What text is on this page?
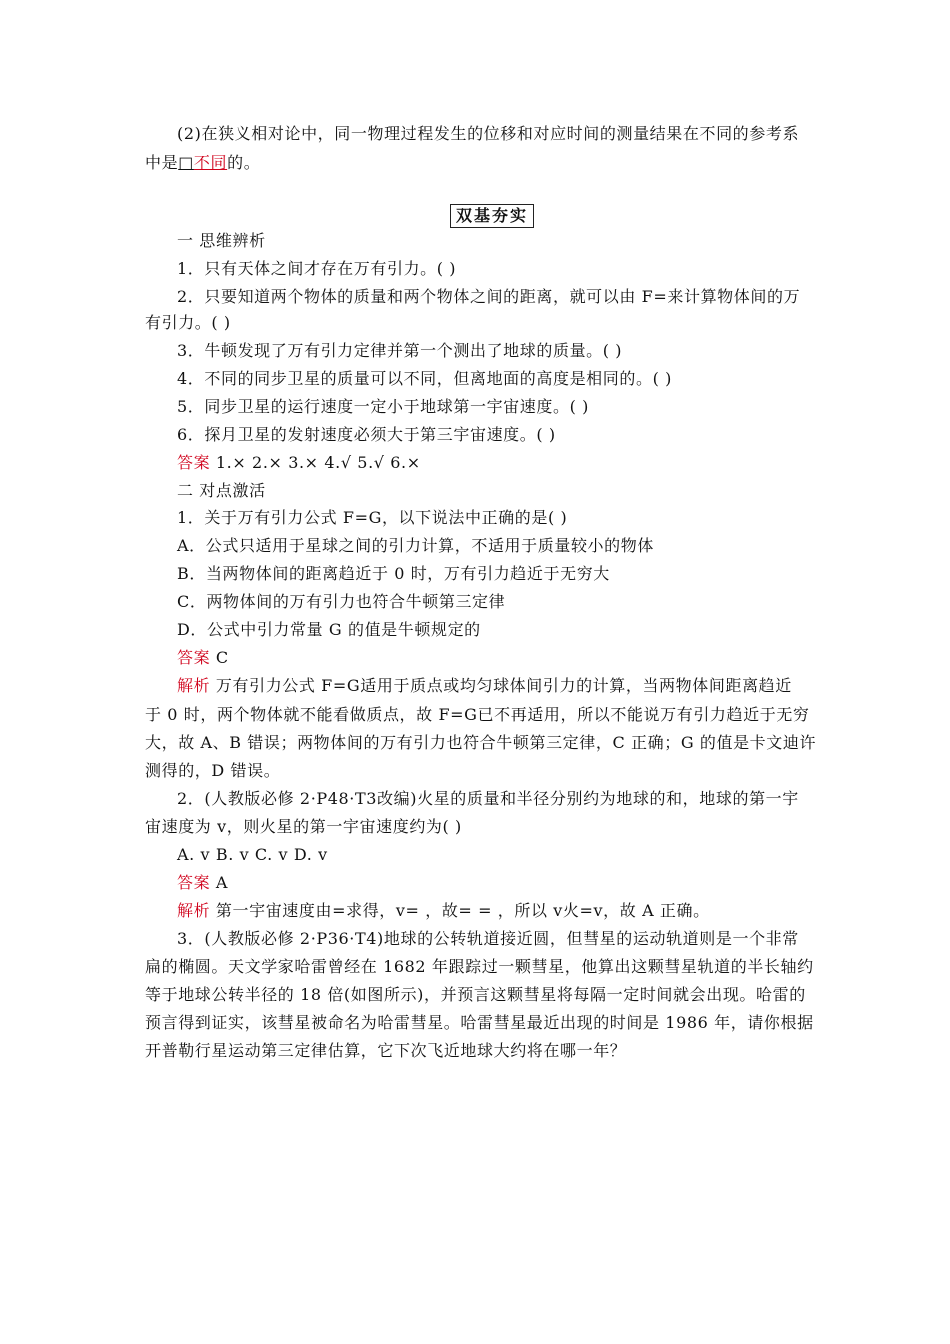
(2)在狭义相对论中，同一物理过程发生的位移和对应时间的测量结果在不同的参考系
中是□不同的。
双基夯实
一 思维辨析
1．只有天体之间才存在万有引力。( )
2．只要知道两个物体的质量和两个物体之间的距离，就可以由 F=来计算物体间的万
有引力。( )
3．牛顿发现了万有引力定律并第一个测出了地球的质量。( )
4．不同的同步卫星的质量可以不同，但离地面的高度是相同的。( )
5．同步卫星的运行速度一定小于地球第一宇宙速度。( )
6．探月卫星的发射速度必须大于第三宇宙速度。( )
答案 1.× 2.× 3.× 4.√ 5.√ 6.×
二 对点激活
1．关于万有引力公式 F=G，以下说法中正确的是( )
A．公式只适用于星球之间的引力计算，不适用于质量较小的物体
B．当两物体间的距离趋近于 0 时，万有引力趋近于无穷大
C．两物体间的万有引力也符合牛顿第三定律
D．公式中引力常量 G 的值是牛顿规定的
答案 C
解析 万有引力公式 F=G适用于质点或均匀球体间引力的计算，当两物体间距离趋近
于 0 时，两个物体就不能看做质点，故 F=G已不再适用，所以不能说万有引力趋近于无穷
大，故 A、B 错误；两物体间的万有引力也符合牛顿第三定律，C 正确；G 的值是卡文迪许
测得的，D 错误。
2．(人教版必修 2·P48·T3改编)火星的质量和半径分别约为地球的和，地球的第一宇
宙速度为 v，则火星的第一宇宙速度约为( )
A. v B. v C. v D. v
答案 A
解析 第一宇宙速度由=求得，v= ，故= = ，所以 v火=v，故 A 正确。
3．(人教版必修 2·P36·T4)地球的公转轨道接近圆，但彗星的运动轨道则是一个非常
扁的椭圆。天文学家哈雷曾经在 1682 年跟踪过一颗彗星，他算出这颗彗星轨道的半长轴约
等于地球公转半径的 18 倍(如图所示)，并预言这颗彗星将每隔一定时间就会出现。哈雷的
预言得到证实，该彗星被命名为哈雷彗星。哈雷彗星最近出现的时间是 1986 年，请你根据
开普勒行星运动第三定律估算，它下次飞近地球大约将在哪一年？
